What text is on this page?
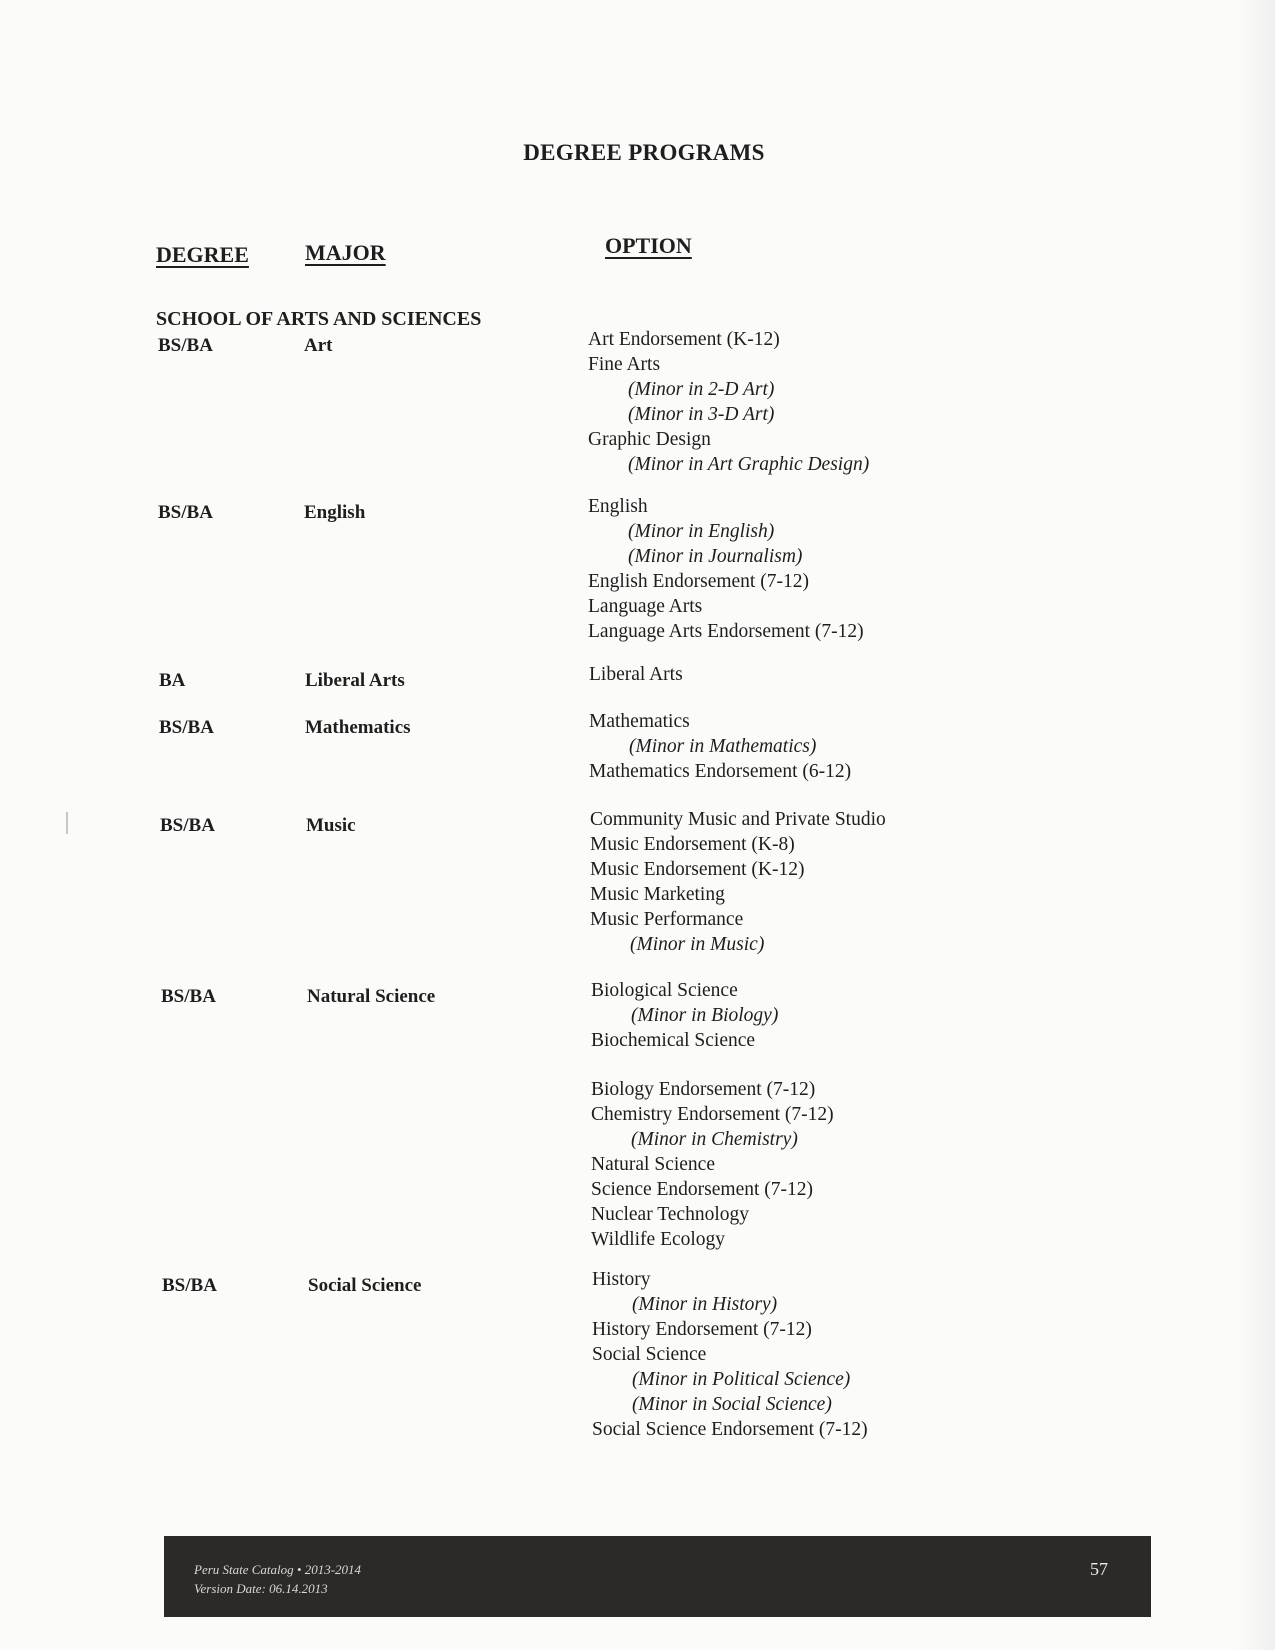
DEGREE PROGRAMS
DEGREE	MAJOR	OPTION
SCHOOL OF ARTS AND SCIENCES
BS/BA	Art	Art Endorsement (K-12)
Fine Arts
(Minor in 2-D Art)
(Minor in 3-D Art)
Graphic Design
(Minor in Art Graphic Design)
BS/BA	English	English
(Minor in English)
(Minor in Journalism)
English Endorsement (7-12)
Language Arts
Language Arts Endorsement (7-12)
BA	Liberal Arts	Liberal Arts
BS/BA	Mathematics	Mathematics
(Minor in Mathematics)
Mathematics Endorsement (6-12)
BS/BA	Music	Community Music and Private Studio
Music Endorsement (K-8)
Music Endorsement (K-12)
Music Marketing
Music Performance
(Minor in Music)
BS/BA	Natural Science	Biological Science
(Minor in Biology)
Biochemical Science
Biology Endorsement (7-12)
Chemistry Endorsement (7-12)
(Minor in Chemistry)
Natural Science
Science Endorsement (7-12)
Nuclear Technology
Wildlife Ecology
BS/BA	Social Science	History
(Minor in History)
History Endorsement (7-12)
Social Science
(Minor in Political Science)
(Minor in Social Science)
Social Science Endorsement (7-12)
Peru State Catalog • 2013-2014
Version Date: 06.14.2013
57
